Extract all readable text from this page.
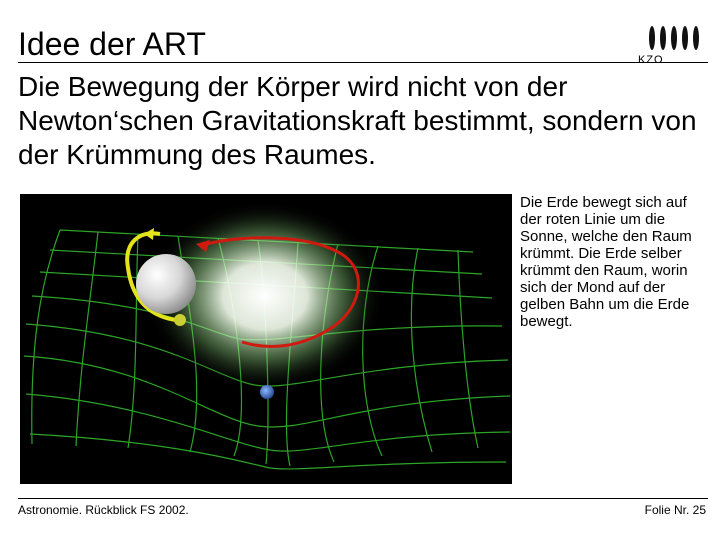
Idee der ART	KZO
Die Bewegung der Körper wird nicht von der Newton‘schen Gravitationskraft bestimmt, sondern von der Krümmung des Raumes.
Die Erde bewegt sich auf der roten Linie um die Sonne, welche den Raum krümmt. Die Erde selber krümmt den Raum, worin sich der Mond auf der gelben Bahn um die Erde bewegt.
Astronomie. Rückblick FS 2002.	Folie Nr. 25
